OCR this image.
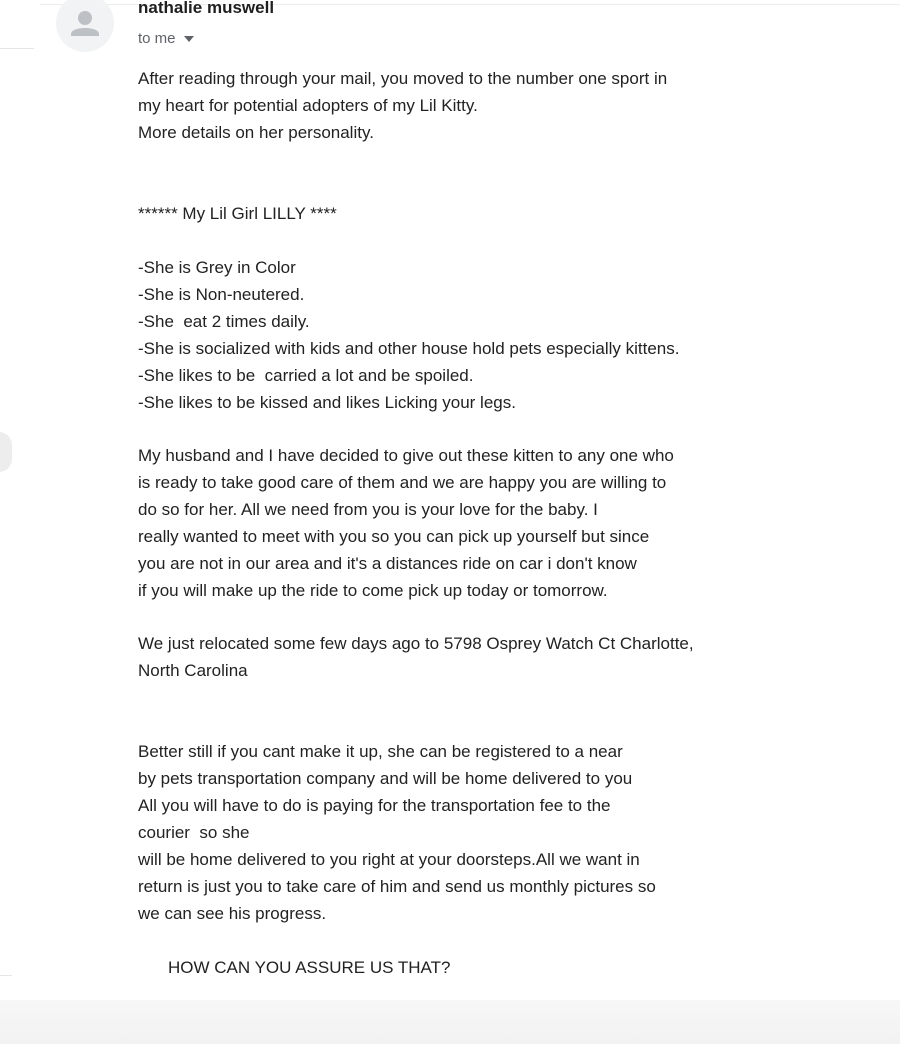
nathalie muswell
to me
After reading through your mail, you moved to the number one sport in
my heart for potential adopters of my Lil Kitty.
More details on her personality.
****** My Lil Girl LILLY ****
-She is Grey in Color
-She is Non-neutered.
-She  eat 2 times daily.
-She is socialized with kids and other house hold pets especially kittens.
-She likes to be  carried a lot and be spoiled.
-She likes to be kissed and likes Licking your legs.
My husband and I have decided to give out these kitten to any one who
is ready to take good care of them and we are happy you are willing to
do so for her. All we need from you is your love for the baby. I
really wanted to meet with you so you can pick up yourself but since
you are not in our area and it's a distances ride on car i don't know
if you will make up the ride to come pick up today or tomorrow.
We just relocated some few days ago to 5798 Osprey Watch Ct Charlotte,
North Carolina
Better still if you cant make it up, she can be registered to a near
by pets transportation company and will be home delivered to you
All you will have to do is paying for the transportation fee to the
courier  so she
will be home delivered to you right at your doorsteps.All we want in
return is just you to take care of him and send us monthly pictures so
we can see his progress.
HOW CAN YOU ASSURE US THAT?
